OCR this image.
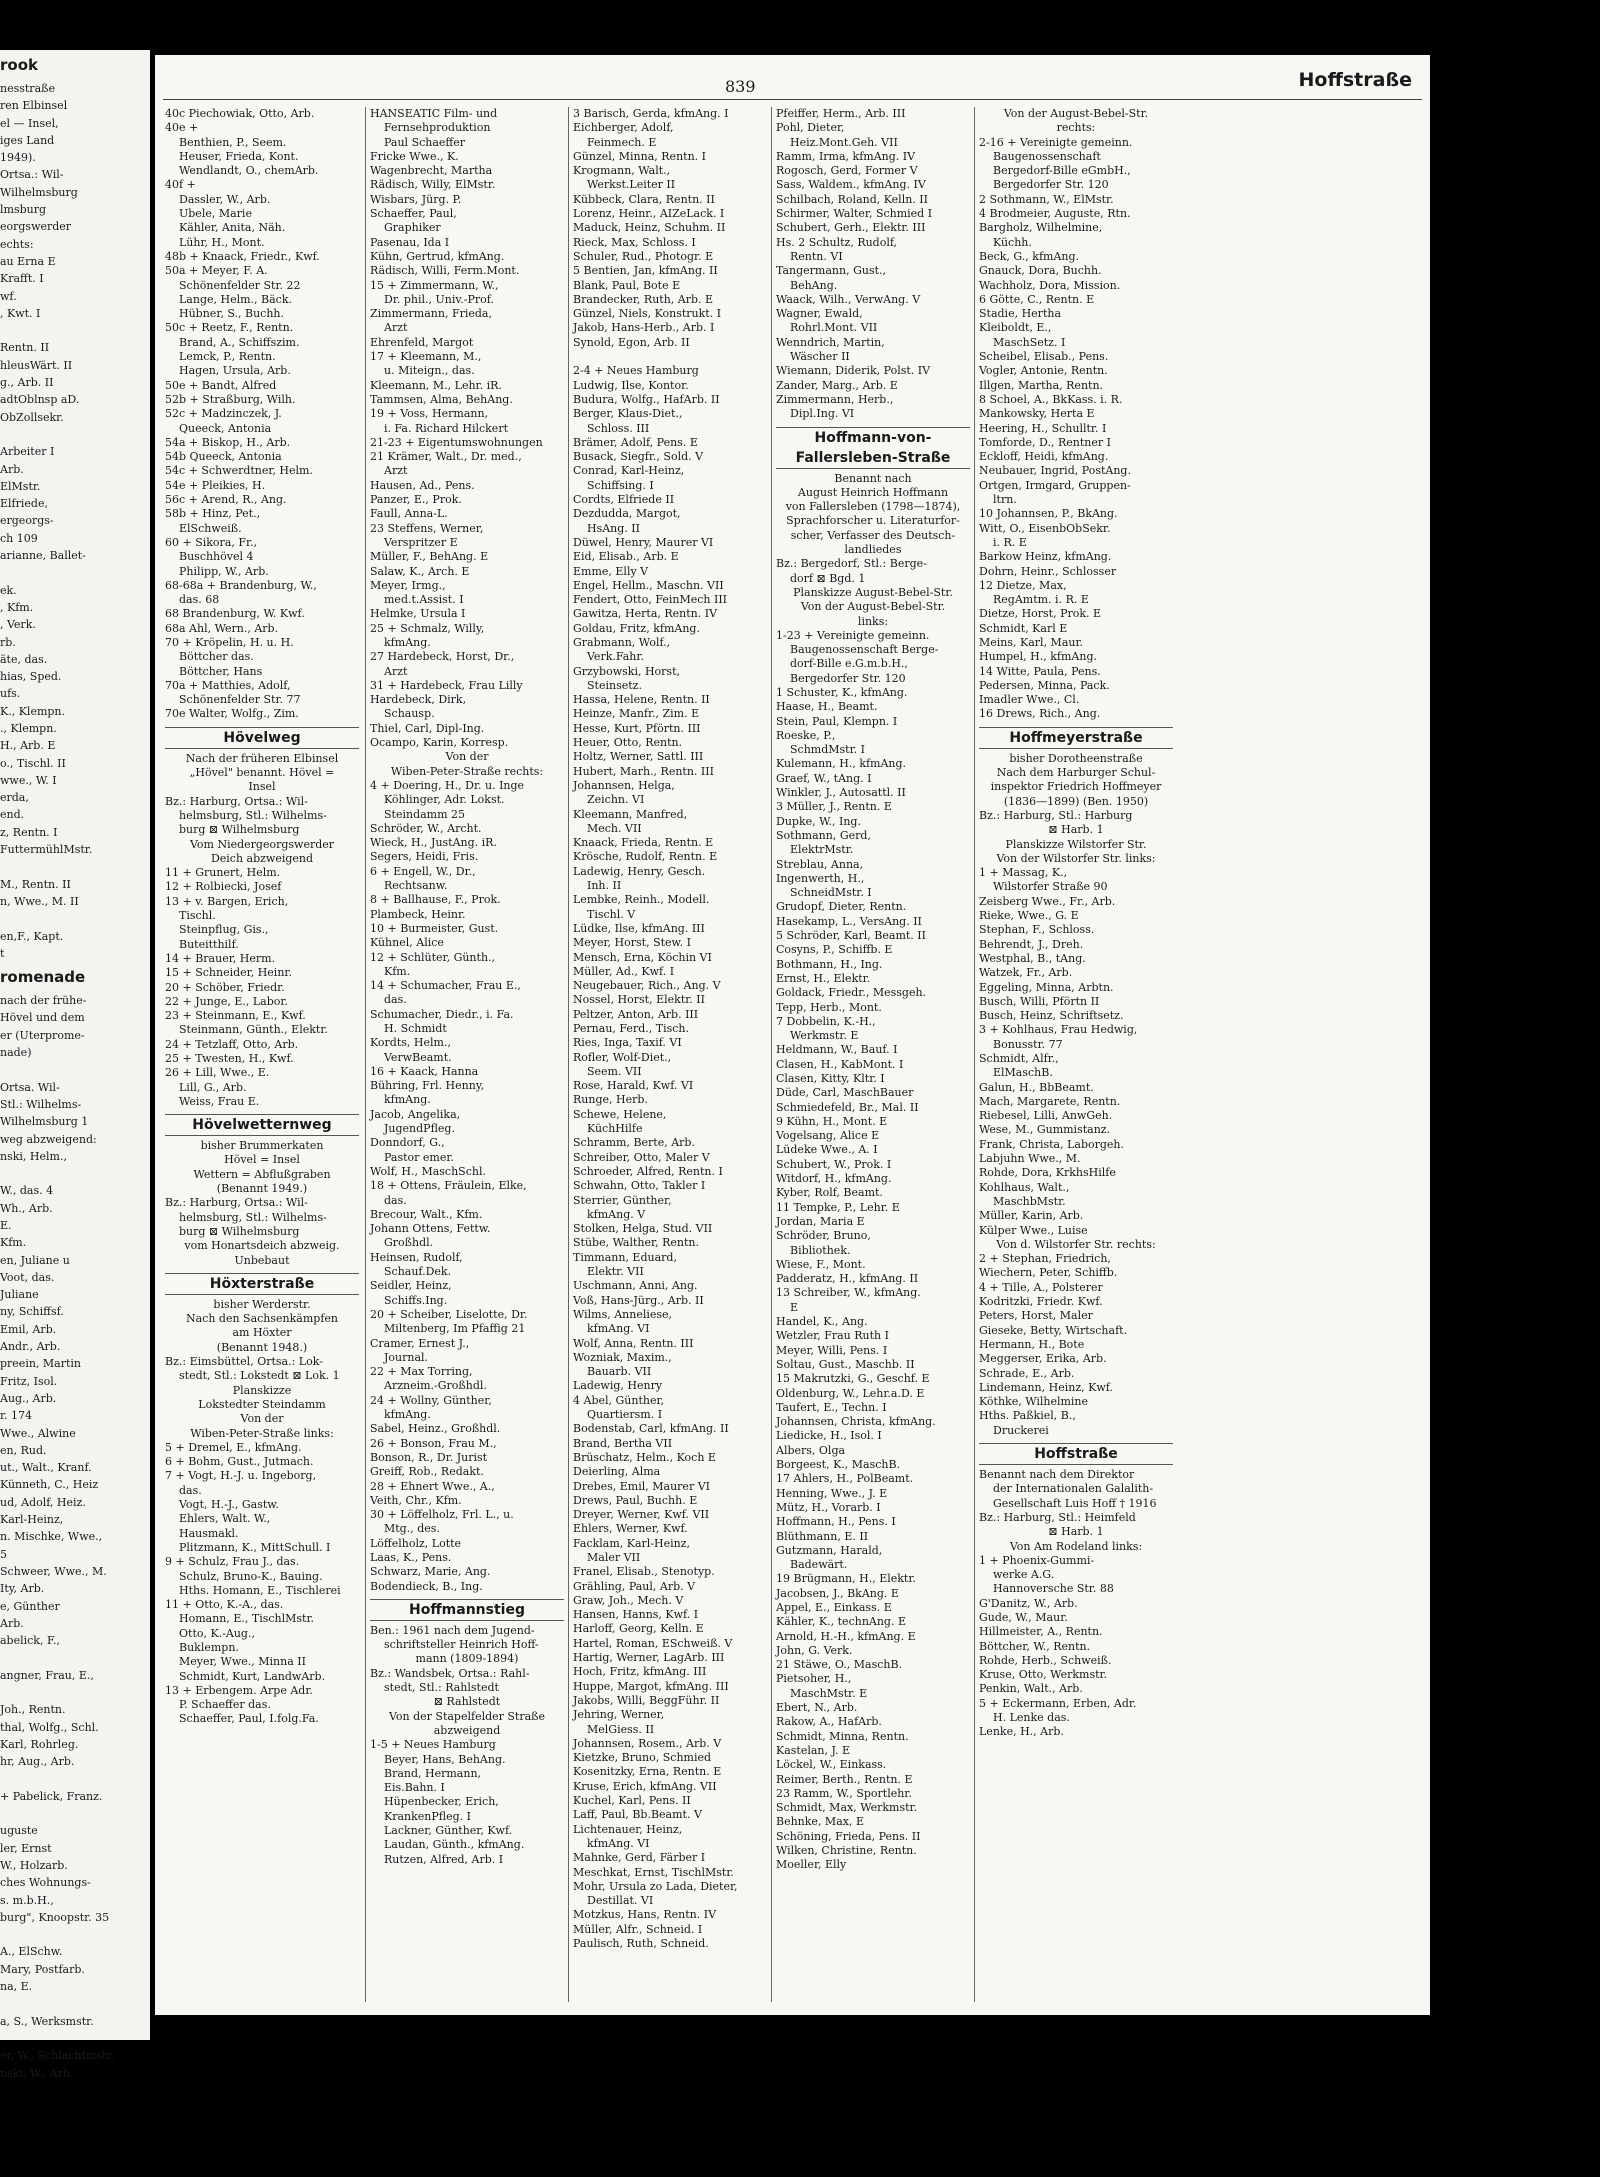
rook
nesstraße
ren Elbinsel
el — Insel,
iges Land
1949).
Ortsa.: Wil-
Wilhelmsburg
lmsburg
eorgswerder
echts:
au Erna E
Krafft. I
wf.
, Kwt. I

Rentn. II
hleusWärt. II
g., Arb. II
adtOblnsp aD.
ObZollsekr.

Arbeiter I
Arb.
ElMstr.
Elfriede,
ergeorgs-
ch 109
arianne, Ballet-

ek.
, Kfm.
, Verk.
rb.
äte, das.
hias, Sped.
ufs.
K., Klempn.
., Klempn.
H., Arb. E
o., Tischl. II
wwe., W. I
erda,
end.
z, Rentn. I
FuttermühlMstr.

M., Rentn. II
n, Wwe., M. II

en,F., Kapt.
t
romenade
nach der frühe-
Hövel und dem
er (Uterprome-
nade)

Ortsa. Wil-
Stl.: Wilhelms-
Wilhelmsburg 1
weg abzweigend:
nski, Helm.,

W., das. 4
Wh., Arb.
E.
Kfm.
en, Juliane u
Voot, das.
Juliane
ny, Schiffsf.
Emil, Arb.
Andr., Arb.
preein, Martin
Fritz, Isol.
Aug., Arb.
r. 174
Wwe., Alwine
en, Rud.
ut., Walt., Kranf.
Künneth, C., Heiz
ud, Adolf, Heiz.
Karl-Heinz,
n. Mischke, Wwe.,
5
Schweer, Wwe., M.
Ity, Arb.
e, Günther
Arb.
abelick, F.,

angner, Frau, E.,

Joh., Rentn.
thal, Wolfg., Schl.
Karl, Rohrleg.
hr, Aug., Arb.

+ Pabelick, Franz.

uguste
ler, Ernst
W., Holzarb.
ches Wohnungs-
s. m.b.H.,
burg", Knoopstr. 35

A., ElSchw.
Mary, Postfarb.
na, E.

a, S., Werksmstr.

er, W., Schlachtmstr.
nski, W., Arb.
839	Hoffstraße
40c Piechowiak, Otto, Arb.
40e +
Benthien, P., Seem.
Heuser, Frieda, Kont.
Wendlandt, O., chemArb.
40f +
Dassler, W., Arb.
Ubele, Marie
Kähler, Anita, Näh.
Lühr, H., Mont.
48b + Knaack, Friedr., Kwf.
50a + Meyer, F. A.
Schönenfelder Str. 22
Lange, Helm., Bäck.
Hübner, S., Buchh.
50c + Reetz, F., Rentn.
Brand, A., Schiffszim.
Lemck, P., Rentn.
Hagen, Ursula, Arb.
50e + Bandt, Alfred
52b + Straßburg, Wilh.
52c + Madzinczek, J.
Queeck, Antonia
54a + Biskop, H., Arb.
54b Queeck, Antonia
54c + Schwerdtner, Helm.
54e + Pleikies, H.
56c + Arend, R., Ang.
58b + Hinz, Pet.,
ElSchweiß.
60 + Sikora, Fr.,
Buschhövel 4
Philipp, W., Arb.
68-68a + Brandenburg, W.,
das. 68
68 Brandenburg, W. Kwf.
68a Ahl, Wern., Arb.
70 + Kröpelin, H. u. H.
Böttcher das.
Böttcher, Hans
70a + Matthies, Adolf,
Schönenfelder Str. 77
70e Walter, Wolfg., Zim.
Hövelweg
Nach der früheren Elbinsel
„Hövel" benannt. Hövel =
Insel
Bz.: Harburg, Ortsa.: Wil-
helmsburg, Stl.: Wilhelms-
burg ⊠ Wilhelmsburg
Vom Niedergeorgswerder
Deich abzweigend
11 + Grunert, Helm.
12 + Rolbiecki, Josef
13 + v. Bargen, Erich,
Tischl.
Steinpflug, Gis.,
Buteitthilf.
14 + Brauer, Herm.
15 + Schneider, Heinr.
20 + Schöber, Friedr.
22 + Junge, E., Labor.
23 + Steinmann, E., Kwf.
Steinmann, Günth., Elektr.
24 + Tetzlaff, Otto, Arb.
25 + Twesten, H., Kwf.
26 + Lill, Wwe., E.
Lill, G., Arb.
Weiss, Frau E.
Hövelwetternweg
bisher Brummerkaten
Hövel = Insel
Wettern = Abflußgraben
(Benannt 1949.)
Bz.: Harburg, Ortsa.: Wil-
helmsburg, Stl.: Wilhelms-
burg ⊠ Wilhelmsburg
vom Honartsdeich abzweig.
Unbebaut
Höxterstraße
bisher Werderstr.
Nach den Sachsenkämpfen
am Höxter
(Benannt 1948.)
Bz.: Eimsbüttel, Ortsa.: Lok-
stedt, Stl.: Lokstedt ⊠ Lok. 1
Planskizze
Lokstedter Steindamm
Von der
Wiben-Peter-Straße links:
5 + Dremel, E., kfmAng.
6 + Bohm, Gust., Jutmach.
7 + Vogt, H.-J. u. Ingeborg,
das.
Vogt, H.-J., Gastw.
Ehlers, Walt. W.,
Hausmakl.
Plitzmann, K., MittSchull. I
9 + Schulz, Frau J., das.
Schulz, Bruno-K., Bauing.
Hths. Homann, E., Tischlerei
11 + Otto, K.-A., das.
Homann, E., TischlMstr.
Otto, K.-Aug.,
Buklempn.
Meyer, Wwe., Minna II
Schmidt, Kurt, LandwArb.
13 + Erbengem. Arpe Adr.
P. Schaeffer das.
Schaeffer, Paul, I.folg.Fa.
HANSEATIC Film- und
Fernsehproduktion
Paul Schaeffer
Fricke Wwe., K.
Wagenbrecht, Martha
Rädisch, Willy, ElMstr.
Wisbars, Jürg. P.
Schaeffer, Paul,
Graphiker
Pasenau, Ida I
Kühn, Gertrud, kfmAng.
Rädisch, Willi, Ferm.Mont.
15 + Zimmermann, W.,
Dr. phil., Univ.-Prof.
Zimmermann, Frieda,
Arzt
Ehrenfeld, Margot
17 + Kleemann, M.,
u. Miteign., das.
Kleemann, M., Lehr. iR.
Tammsen, Alma, BehAng.
19 + Voss, Hermann,
i. Fa. Richard Hilckert
21-23 + Eigentumswohnungen
21 Krämer, Walt., Dr. med.,
Arzt
Hausen, Ad., Pens.
Panzer, E., Prok.
Faull, Anna-L.
23 Steffens, Werner,
Verspritzer E
Müller, F., BehAng. E
Salaw, K., Arch. E
Meyer, Irmg.,
med.t.Assist. I
Helmke, Ursula I
25 + Schmalz, Willy,
kfmAng.
27 Hardebeck, Horst, Dr.,
Arzt
31 + Hardebeck, Frau Lilly
Hardebeck, Dirk,
Schausp.
Thiel, Carl, Dipl-Ing.
Ocampo, Karin, Korresp.
Von der
Wiben-Peter-Straße rechts:
4 + Doering, H., Dr. u. Inge
Köhlinger, Adr. Lokst.
Steindamm 25
Schröder, W., Archt.
Wieck, H., JustAng. iR.
Segers, Heidi, Fris.
6 + Engell, W., Dr.,
Rechtsanw.
8 + Ballhause, F., Prok.
Plambeck, Heinr.
10 + Burmeister, Gust.
Kühnel, Alice
12 + Schlüter, Günth.,
Kfm.
14 + Schumacher, Frau E.,
das.
Schumacher, Diedr., i. Fa.
H. Schmidt
Kordts, Helm.,
VerwBeamt.
16 + Kaack, Hanna
Bühring, Frl. Henny,
kfmAng.
Jacob, Angelika,
JugendPfleg.
Donndorf, G.,
Pastor emer.
Wolf, H., MaschSchl.
18 + Ottens, Fräulein, Elke,
das.
Brecour, Walt., Kfm.
Johann Ottens, Fettw.
Großhdl.
Heinsen, Rudolf,
Schauf.Dek.
Seidler, Heinz,
Schiffs.Ing.
20 + Scheiber, Liselotte, Dr.
Miltenberg, Im Pfaffig 21
Cramer, Ernest J.,
Journal.
22 + Max Torring,
Arzneim.-Großhdl.
24 + Wollny, Günther,
kfmAng.
Sabel, Heinz., Großhdl.
26 + Bonson, Frau M.,
Bonson, R., Dr. Jurist
Greiff, Rob., Redakt.
28 + Ehnert Wwe., A.,
Veith, Chr., Kfm.
30 + Löffelholz, Frl. L., u.
Mtg., des.
Löffelholz, Lotte
Laas, K., Pens.
Schwarz, Marie, Ang.
Bodendieck, B., Ing.
Hoffmannstieg
Ben.: 1961 nach dem Jugend-
schriftsteller Heinrich Hoff-
mann (1809-1894)
Bz.: Wandsbek, Ortsa.: Rahl-
stedt, Stl.: Rahlstedt
⊠ Rahlstedt
Von der Stapelfelder Straße
abzweigend
1-5 + Neues Hamburg
Beyer, Hans, BehAng.
Brand, Hermann,
Eis.Bahn. I
Hüpenbecker, Erich,
KrankenPfleg. I
Lackner, Günther, Kwf.
Laudan, Günth., kfmAng.
Rutzen, Alfred, Arb. I
3 Barisch, Gerda, kfmAng. I
Eichberger, Adolf,
Feinmech. E
Günzel, Minna, Rentn. I
Krogmann, Walt.,
Werkst.Leiter II
Kübbeck, Clara, Rentn. II
Lorenz, Heinr., AIZeLack. I
Maduck, Heinz, Schuhm. II
Rieck, Max, Schloss. I
Schuler, Rud., Photogr. E
5 Bentien, Jan, kfmAng. II
Blank, Paul, Bote E
Brandecker, Ruth, Arb. E
Günzel, Niels, Konstrukt. I
Jakob, Hans-Herb., Arb. I
Synold, Egon, Arb. II

2-4 + Neues Hamburg
Ludwig, Ilse, Kontor.
Budura, Wolfg., HafArb. II
Berger, Klaus-Diet.,
Schloss. III
Brämer, Adolf, Pens. E
Busack, Siegfr., Sold. V
Conrad, Karl-Heinz,
Schiffsing. I
Cordts, Elfriede II
Dezdudda, Margot,
HsAng. II
Düwel, Henry, Maurer VI
Eid, Elisab., Arb. E
Emme, Elly V
Engel, Hellm., Maschn. VII
Fendert, Otto, FeinMech III
Gawitza, Herta, Rentn. IV
Goldau, Fritz, kfmAng.
Grabmann, Wolf.,
Verk.Fahr.
Grzybowski, Horst,
Steinsetz.
Hassa, Helene, Rentn. II
Heinze, Manfr., Zim. E
Hesse, Kurt, Pförtn. III
Heuer, Otto, Rentn.
Holtz, Werner, Sattl. III
Hubert, Marh., Rentn. III
Johannsen, Helga,
Zeichn. VI
Kleemann, Manfred,
Mech. VII
Knaack, Frieda, Rentn. E
Krösche, Rudolf, Rentn. E
Ladewig, Henry, Gesch.
Inh. II
Lembke, Reinh., Modell.
Tischl. V
Lüdke, Ilse, kfmAng. III
Meyer, Horst, Stew. I
Mensch, Erna, Köchin VI
Müller, Ad., Kwf. I
Neugebauer, Rich., Ang. V
Nossel, Horst, Elektr. II
Peltzer, Anton, Arb. III
Pernau, Ferd., Tisch.
Ries, Inga, Taxif. VI
Rofler, Wolf-Diet.,
Seem. VII
Rose, Harald, Kwf. VI
Runge, Herb.
Schewe, Helene,
KüchHilfe
Schramm, Berte, Arb.
Schreiber, Otto, Maler V
Schroeder, Alfred, Rentn. I
Schwahn, Otto, Takler I
Sterrier, Günther,
kfmAng. V
Stolken, Helga, Stud. VII
Stübe, Walther, Rentn.
Timmann, Eduard,
Elektr. VII
Uschmann, Anni, Ang.
Voß, Hans-Jürg., Arb. II
Wilms, Anneliese,
kfmAng. VI
Wolf, Anna, Rentn. III
Wozniak, Maxim.,
Bauarb. VII
Ladewig, Henry
4 Abel, Günther,
Quartiersm. I
Bodenstab, Carl, kfmAng. II
Brand, Bertha VII
Brüschatz, Helm., Koch E
Deierling, Alma
Drebes, Emil, Maurer VI
Drews, Paul, Buchh. E
Dreyer, Werner, Kwf. VII
Ehlers, Werner, Kwf.
Facklam, Karl-Heinz,
Maler VII
Franel, Elisab., Stenotyp.
Grähling, Paul, Arb. V
Graw, Joh., Mech. V
Hansen, Hanns, Kwf. I
Harloff, Georg, Kelln. E
Hartel, Roman, ESchweiß. V
Hartig, Werner, LagArb. III
Hoch, Fritz, kfmAng. III
Huppe, Margot, kfmAng. III
Jakobs, Willi, BeggFühr. II
Jehring, Werner,
MelGiess. II
Johannsen, Rosem., Arb. V
Kietzke, Bruno, Schmied
Kosenitzky, Erna, Rentn. E
Kruse, Erich, kfmAng. VII
Kuchel, Karl, Pens. II
Laff, Paul, Bb.Beamt. V
Lichtenauer, Heinz,
kfmAng. VI
Mahnke, Gerd, Färber I
Meschkat, Ernst, TischlMstr.
Mohr, Ursula zo Lada, Dieter,
Destillat. VI
Motzkus, Hans, Rentn. IV
Müller, Alfr., Schneid. I
Paulisch, Ruth, Schneid.
Pfeiffer, Herm., Arb. III
Pohl, Dieter,
Heiz.Mont.Geh. VII
Ramm, Irma, kfmAng. IV
Rogosch, Gerd, Former V
Sass, Waldem., kfmAng. IV
Schilbach, Roland, Kelln. II
Schirmer, Walter, Schmied I
Schubert, Gerh., Elektr. III
Hs. 2 Schultz, Rudolf,
Rentn. VI
Tangermann, Gust.,
BehAng.
Waack, Wilh., VerwAng. V
Wagner, Ewald,
Rohrl.Mont. VII
Wenndrich, Martin,
Wäscher II
Wiemann, Diderik, Polst. IV
Zander, Marg., Arb. E
Zimmermann, Herb.,
Dipl.Ing. VI
Hoffmann-von-Fallersleben-Straße
Benannt nach
August Heinrich Hoffmann
von Fallersleben (1798—1874),
Sprachforscher u. Literaturfor-
scher, Verfasser des Deutsch-
landliedes
Bz.: Bergedorf, Stl.: Berge-
dorf ⊠ Bgd. 1
Planskizze August-Bebel-Str.
Von der August-Bebel-Str.
links:
1-23 + Vereinigte gemeinn.
Baugenossenschaft Berge-
dorf-Bille e.G.m.b.H.,
Bergedorfer Str. 120
1 Schuster, K., kfmAng.
Haase, H., Beamt.
Stein, Paul, Klempn. I
Roeske, P.,
SchmdMstr. I
Kulemann, H., kfmAng.
Graef, W., tAng. I
Winkler, J., Autosattl. II
3 Müller, J., Rentn. E
Dupke, W., Ing.
Sothmann, Gerd,
ElektrMstr.
Streblau, Anna,
Ingenwerth, H.,
SchneidMstr. I
Grudopf, Dieter, Rentn.
Hasekamp, L., VersAng. II
5 Schröder, Karl, Beamt. II
Cosyns, P., Schiffb. E
Bothmann, H., Ing.
Ernst, H., Elektr.
Goldack, Friedr., Messgeh.
Tepp, Herb., Mont.
7 Dobbelin, K.-H.,
Werkmstr. E
Heldmann, W., Bauf. I
Clasen, H., KabMont. I
Clasen, Kitty, Kltr. I
Düde, Carl, MaschBauer
Schmiedefeld, Br., Mal. II
9 Kühn, H., Mont. E
Vogelsang, Alice E
Lüdeke Wwe., A. I
Schubert, W., Prok. I
Witdorf, H., kfmAng.
Kyber, Rolf, Beamt.
11 Tempke, P., Lehr. E
Jordan, Maria E
Schröder, Bruno,
Bibliothek.
Wiese, F., Mont.
Padderatz, H., kfmAng. II
13 Schreiber, W., kfmAng.
E
Handel, K., Ang.
Wetzler, Frau Ruth I
Meyer, Willi, Pens. I
Soltau, Gust., Maschb. II
15 Makrutzki, G., Geschf. E
Oldenburg, W., Lehr.a.D. E
Taufert, E., Techn. I
Johannsen, Christa, kfmAng.
Liedicke, H., Isol. I
Albers, Olga
Borgeest, K., MaschB.
17 Ahlers, H., PolBeamt.
Henning, Wwe., J. E
Mütz, H., Vorarb. I
Hoffmann, H., Pens. I
Blüthmann, E. II
Gutzmann, Harald,
Badewärt.
19 Brügmann, H., Elektr.
Jacobsen, J., BkAng. E
Appel, E., Einkass. E
Kähler, K., technAng. E
Arnold, H.-H., kfmAng. E
John, G. Verk.
21 Stäwe, O., MaschB.
Pietsoher, H.,
MaschMstr. E
Ebert, N., Arb.
Rakow, A., HafArb.
Schmidt, Minna, Rentn.
Kastelan, J. E
Löckel, W., Einkass.
Reimer, Berth., Rentn. E
23 Ramm, W., Sportlehr.
Schmidt, Max, Werkmstr.
Behnke, Max, E
Schöning, Frieda, Pens. II
Wilken, Christine, Rentn.
Moeller, Elly
Von der August-Bebel-Str.
rechts:
2-16 + Vereinigte gemeinn.
Baugenossenschaft
Bergedorf-Bille eGmbH.,
Bergedorfer Str. 120
2 Sothmann, W., ElMstr.
4 Brodmeier, Auguste, Rtn.
Bargholz, Wilhelmine,
Küchh.
Beck, G., kfmAng.
Gnauck, Dora, Buchh.
Wachholz, Dora, Mission.
6 Götte, C., Rentn. E
Stadie, Hertha
Kleiboldt, E.,
MaschSetz. I
Scheibel, Elisab., Pens.
Vogler, Antonie, Rentn.
Illgen, Martha, Rentn.
8 Schoel, A., BkKass. i. R.
Mankowsky, Herta E
Heering, H., Schulltr. I
Tomforde, D., Rentner I
Eckloff, Heidi, kfmAng.
Neubauer, Ingrid, PostAng.
Ortgen, Irmgard, Gruppen-
ltrn.
10 Johannsen, P., BkAng.
Witt, O., EisenbObSekr.
i. R. E
Barkow Heinz, kfmAng.
Dohrn, Heinr., Schlosser
12 Dietze, Max,
RegAmtm. i. R. E
Dietze, Horst, Prok. E
Schmidt, Karl E
Meins, Karl, Maur.
Humpel, H., kfmAng.
14 Witte, Paula, Pens.
Pedersen, Minna, Pack.
Imadler Wwe., Cl.
16 Drews, Rich., Ang.
Hoffmeyerstraße
bisher Dorotheenstraße
Nach dem Harburger Schul-
inspektor Friedrich Hoffmeyer
(1836—1899) (Ben. 1950)
Bz.: Harburg, Stl.: Harburg
⊠ Harb. 1
Planskizze Wilstorfer Str.
Von der Wilstorfer Str. links:
1 + Massag, K.,
Wilstorfer Straße 90
Zeisberg Wwe., Fr., Arb.
Rieke, Wwe., G. E
Stephan, F., Schloss.
Behrendt, J., Dreh.
Westphal, B., tAng.
Watzek, Fr., Arb.
Eggeling, Minna, Arbtn.
Busch, Willi, Pförtn II
Busch, Heinz, Schriftsetz.
3 + Kohlhaus, Frau Hedwig,
Bonusstr. 77
Schmidt, Alfr.,
ElMaschB.
Galun, H., BbBeamt.
Mach, Margarete, Rentn.
Riebesel, Lilli, AnwGeh.
Wese, M., Gummistanz.
Frank, Christa, Laborgeh.
Labjuhn Wwe., M.
Rohde, Dora, KrkhsHilfe
Kohlhaus, Walt.,
MaschbMstr.
Müller, Karin, Arb.
Külper Wwe., Luise
Von d. Wilstorfer Str. rechts:
2 + Stephan, Friedrich,
Wiechern, Peter, Schiffb.
4 + Tille, A., Polsterer
Kodritzki, Friedr. Kwf.
Peters, Horst, Maler
Gieseke, Betty, Wirtschaft.
Hermann, H., Bote
Meggerser, Erika, Arb.
Schrade, E., Arb.
Lindemann, Heinz, Kwf.
Köthke, Wilhelmine
Hths. Paßkiel, B.,
Druckerei
Hoffstraße
Benannt nach dem Direktor
der Internationalen Galalith-
Gesellschaft Luis Hoff † 1916
Bz.: Harburg, Stl.: Heimfeld
⊠ Harb. 1
Von Am Rodeland links:
1 + Phoenix-Gummi-
werke A.G.
Hannoversche Str. 88
G'Danitz, W., Arb.
Gude, W., Maur.
Hillmeister, A., Rentn.
Böttcher, W., Rentn.
Rohde, Herb., Schweiß.
Kruse, Otto, Werkmstr.
Penkin, Walt., Arb.
5 + Eckermann, Erben, Adr.
H. Lenke das.
Lenke, H., Arb.
